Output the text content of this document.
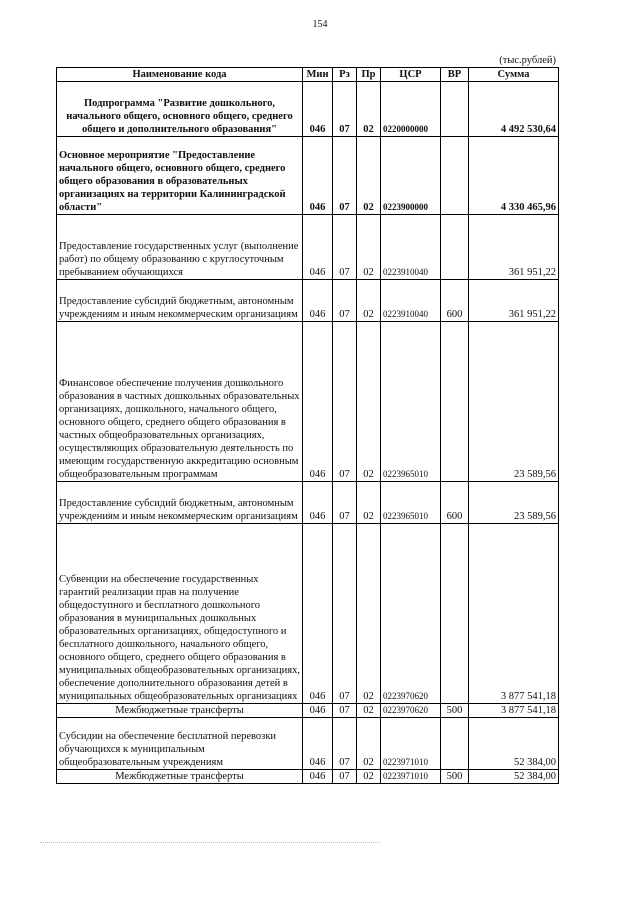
154
(тыс.рублей)
Наименование кода	Мин	Рз	Пр	ЦСР	ВР	Сумма

Подпрограмма "Развитие дошкольного, начального общего, основного общего, среднего общего и дополнительного образования"	046	07	02	0220000000		4 492 530,64

Основное мероприятие "Предоставление начального общего, основного общего, среднего общего образования в образовательных организациях на территории Калининградской области"	046	07	02	0223900000		4 330 465,96

Предоставление государственных услуг (выполнение работ) по общему образованию с круглосуточным пребыванием обучающихся	046	07	02	0223910040		361 951,22

Предоставление субсидий бюджетным, автономным учреждениям и иным некоммерческим организациям	046	07	02	0223910040	600	361 951,22

Финансовое обеспечение получения дошкольного образования в частных дошкольных образовательных организациях, дошкольного, начального общего, основного общего, среднего общего образования в частных общеобразовательных организациях, осуществляющих образовательную деятельность по имеющим государственную аккредитацию основным общеобразовательным программам	046	07	02	0223965010		23 589,56

Предоставление субсидий бюджетным, автономным учреждениям и иным некоммерческим организациям	046	07	02	0223965010	600	23 589,56

Субвенции на обеспечение государственных гарантий реализации прав на получение общедоступного и бесплатного дошкольного образования в муниципальных дошкольных образовательных организациях, общедоступного и бесплатного дошкольного, начального общего, основного общего, среднего общего образования в муниципальных общеобразовательных организациях, обеспечение дополнительного образования детей в муниципальных общеобразовательных организациях	046	07	02	0223970620		3 877 541,18

Межбюджетные трансферты	046	07	02	0223970620	500	3 877 541,18

Субсидии на обеспечение бесплатной перевозки обучающихся к муниципальным общеобразовательным учреждениям	046	07	02	0223971010		52 384,00

Межбюджетные трансферты	046	07	02	0223971010	500	52 384,00
